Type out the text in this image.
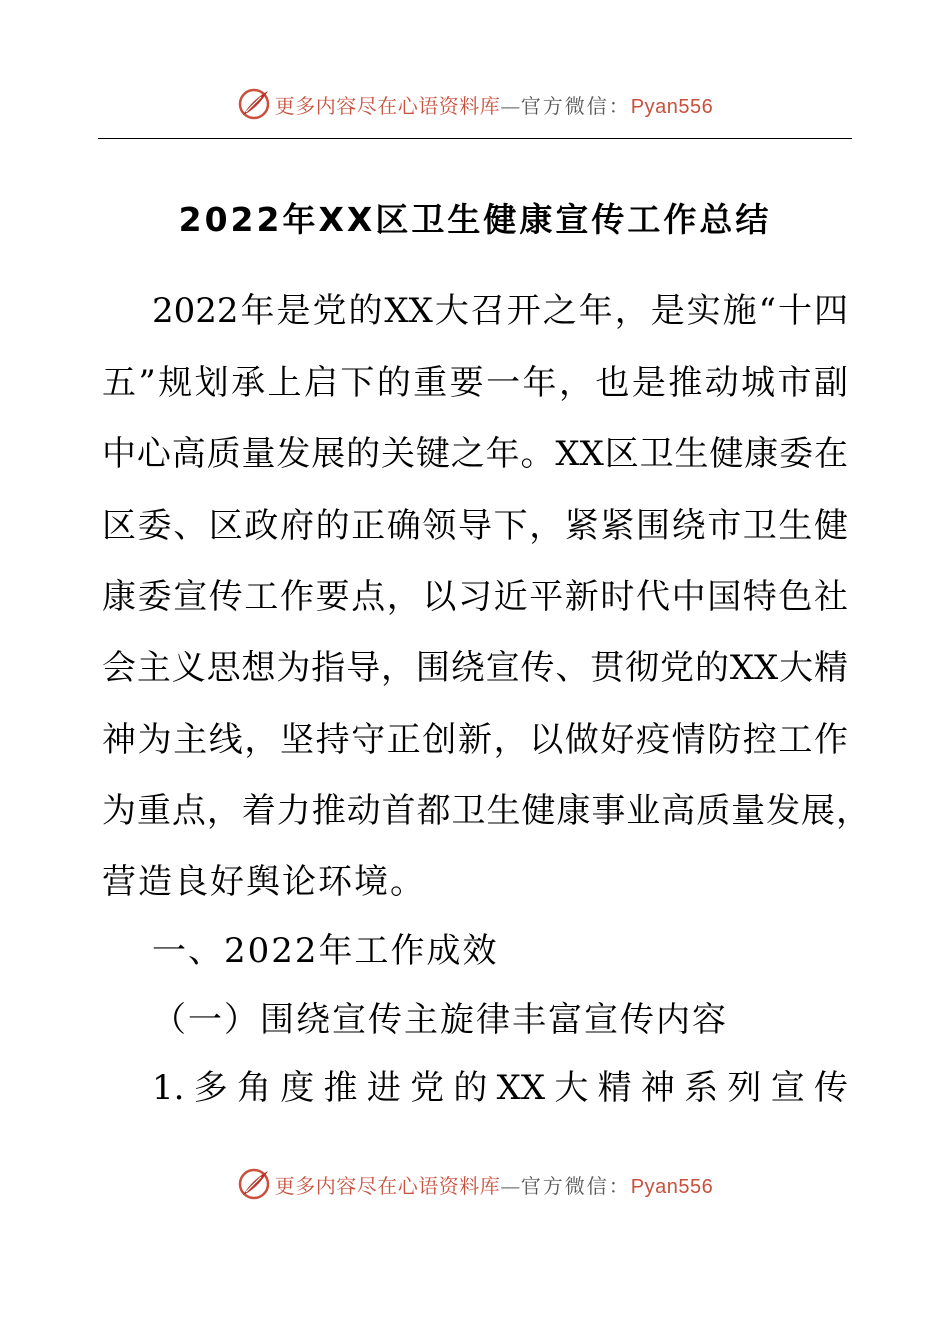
更多内容尽在心语资料库—官方微信：Pyan556
2022年XX区卫生健康宣传工作总结
2022年是党的XX大召开之年，是实施“十四
五”规划承上启下的重要一年，也是推动城市副
中心高质量发展的关键之年。XX区卫生健康委在
区委、区政府的正确领导下，紧紧围绕市卫生健
康委宣传工作要点，以习近平新时代中国特色社
会主义思想为指导，围绕宣传、贯彻党的XX大精
神为主线，坚持守正创新，以做好疫情防控工作
为重点，着力推动首都卫生健康事业高质量发展，
营造良好舆论环境。
一、2022年工作成效
（一）围绕宣传主旋律丰富宣传内容
1.多角度推进党的XX大精神系列宣传
更多内容尽在心语资料库—官方微信：Pyan556
